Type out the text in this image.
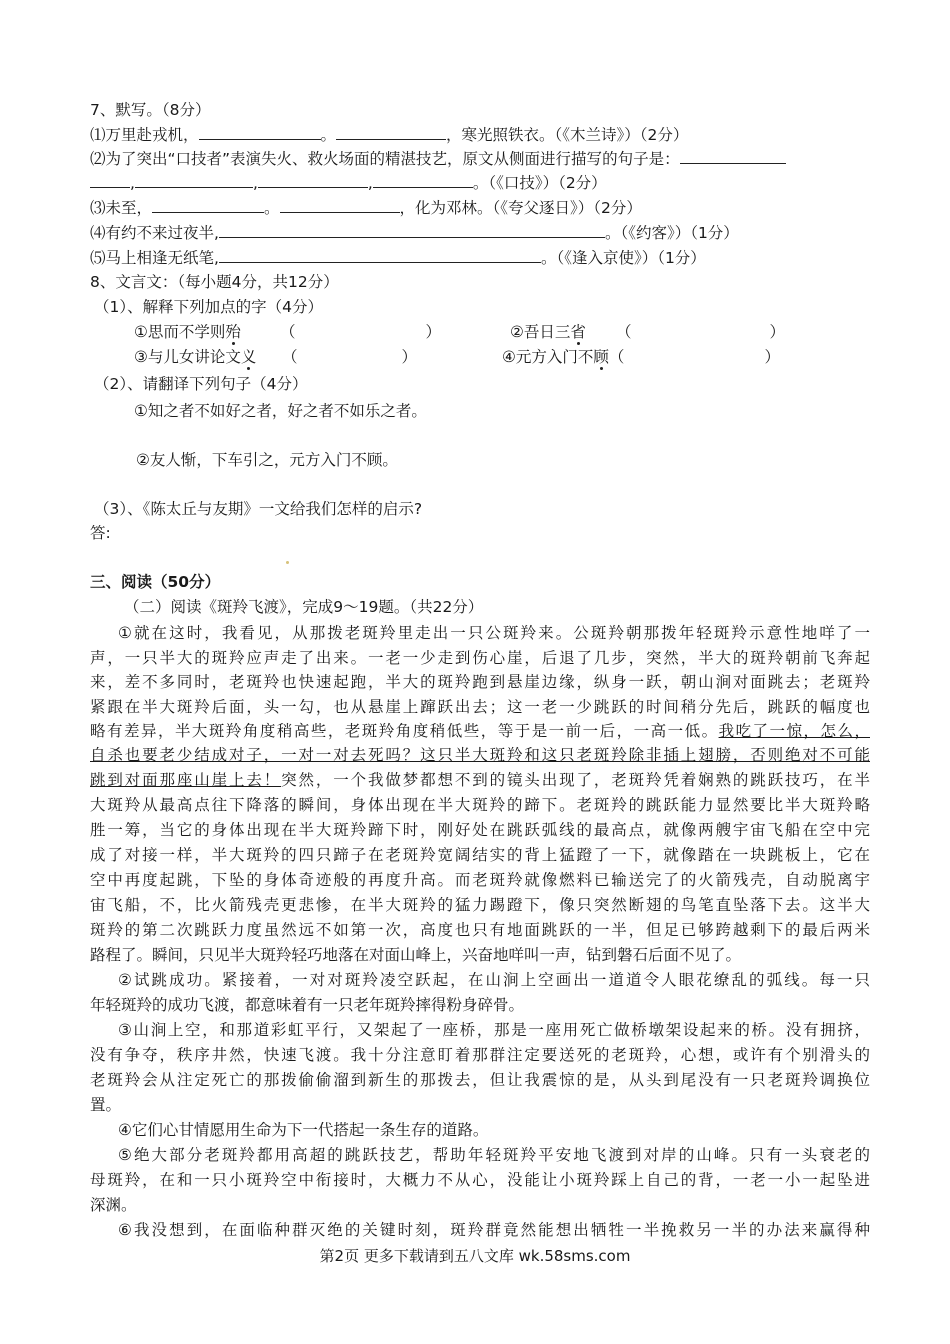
7、默写。（8分）
⑴万里赴戎机，	。	，寒光照铁衣。（《木兰诗》）（2分）
⑵为了突出“口技者”表演失火、救火场面的精湛技艺，原文从侧面进行描写的句子是：
,	,	,	。（《口技》）（2分）
⑶未至，	。	，化为邓林。（《夸父逐日》）（2分）
⑷有约不来过夜半,	。（《约客》）（1分）
⑸马上相逢无纸笔,	。（《逢入京使》）（1分）
8、文言文：（每小题4分，共12分）
（1）、解释下列加点的字（4分）
①思而不学则殆	（	）	②吾日三省	（	）
③与儿女讲论文义	（	）	④元方入门不顾（	）
（2）、请翻译下列句子（4分）
①知之者不如好之者，好之者不如乐之者。
②友人惭，下车引之，元方入门不顾。
（3）、《陈太丘与友期》一文给我们怎样的启示?
答:
三、阅读（50分）
（二）阅读《斑羚飞渡》，完成9～19题。（共22分）
①就在这时，我看见，从那拨老斑羚里走出一只公斑羚来。公斑羚朝那拨年轻斑羚示意性地咩了一
声，一只半大的斑羚应声走了出来。一老一少走到伤心崖，后退了几步，突然，半大的斑羚朝前飞奔起
来，差不多同时，老斑羚也快速起跑，半大的斑羚跑到悬崖边缘，纵身一跃，朝山涧对面跳去；老斑羚
紧跟在半大斑羚后面，头一勾，也从悬崖上蹿跃出去；这一老一少跳跃的时间稍分先后，跳跃的幅度也
略有差异，半大斑羚角度稍高些，老斑羚角度稍低些，等于是一前一后，一高一低。我吃了一惊，怎么，
自杀也要老少结成对子，一对一对去死吗？这只半大斑羚和这只老斑羚除非插上翅膀，否则绝对不可能
跳到对面那座山崖上去！突然，一个我做梦都想不到的镜头出现了，老斑羚凭着娴熟的跳跃技巧，在半
大斑羚从最高点往下降落的瞬间，身体出现在半大斑羚的蹄下。老斑羚的跳跃能力显然要比半大斑羚略
胜一筹，当它的身体出现在半大斑羚蹄下时，刚好处在跳跃弧线的最高点，就像两艘宇宙飞船在空中完
成了对接一样，半大斑羚的四只蹄子在老斑羚宽阔结实的背上猛蹬了一下，就像踏在一块跳板上，它在
空中再度起跳，下坠的身体奇迹般的再度升高。而老斑羚就像燃料已输送完了的火箭残壳，自动脱离宇
宙飞船，不，比火箭残壳更悲惨，在半大斑羚的猛力踢蹬下，像只突然断翅的鸟笔直坠落下去。这半大
斑羚的第二次跳跃力度虽然远不如第一次，高度也只有地面跳跃的一半，但足已够跨越剩下的最后两米
路程了。瞬间，只见半大斑羚轻巧地落在对面山峰上，兴奋地咩叫一声，钻到磐石后面不见了。
②试跳成功。紧接着，一对对斑羚凌空跃起，在山涧上空画出一道道令人眼花缭乱的弧线。每一只
年轻斑羚的成功飞渡，都意味着有一只老年斑羚摔得粉身碎骨。
③山涧上空，和那道彩虹平行，又架起了一座桥，那是一座用死亡做桥墩架设起来的桥。没有拥挤，
没有争夺，秩序井然，快速飞渡。我十分注意盯着那群注定要送死的老斑羚，心想，或许有个别滑头的
老斑羚会从注定死亡的那拨偷偷溜到新生的那拨去，但让我震惊的是，从头到尾没有一只老斑羚调换位
置。
④它们心甘情愿用生命为下一代搭起一条生存的道路。
⑤绝大部分老斑羚都用高超的跳跃技艺，帮助年轻斑羚平安地飞渡到对岸的山峰。只有一头衰老的
母斑羚，在和一只小斑羚空中衔接时，大概力不从心，没能让小斑羚踩上自己的背，一老一小一起坠进
深渊。
⑥我没想到，在面临种群灭绝的关键时刻，斑羚群竟然能想出牺牲一半挽救另一半的办法来赢得种
第2页 更多下载请到五八文库 wk.58sms.com
